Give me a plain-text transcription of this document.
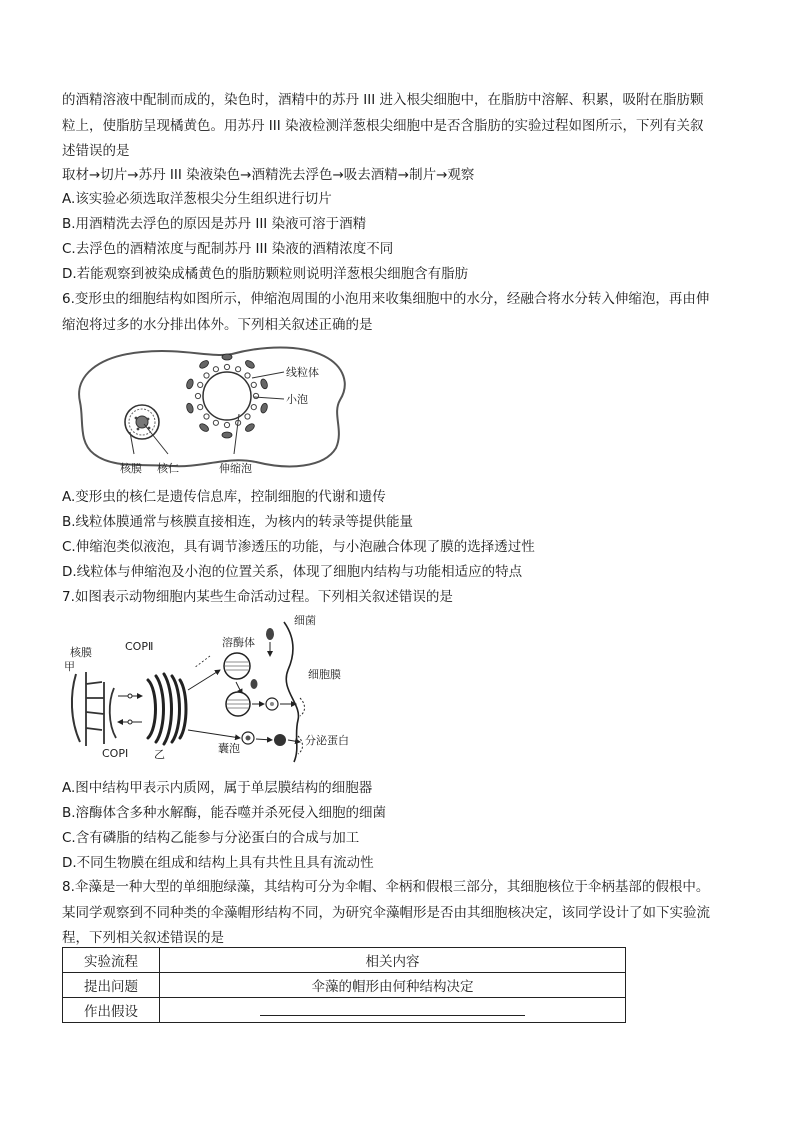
的酒精溶液中配制而成的，染色时，酒精中的苏丹 III 进入根尖细胞中，在脂肪中溶解、积累，吸附在脂肪颗
粒上，使脂肪呈现橘黄色。用苏丹 III 染液检测洋葱根尖细胞中是否含脂肪的实验过程如图所示，下列有关叙
述错误的是
取材→切片→苏丹 III 染液染色→酒精洗去浮色→吸去酒精→制片→观察
A.该实验必须选取洋葱根尖分生组织进行切片
B.用酒精洗去浮色的原因是苏丹 III 染液可溶于酒精
C.去浮色的酒精浓度与配制苏丹 III 染液的酒精浓度不同
D.若能观察到被染成橘黄色的脂肪颗粒则说明洋葱根尖细胞含有脂肪
6.变形虫的细胞结构如图所示，伸缩泡周围的小泡用来收集细胞中的水分，经融合将水分转入伸缩泡，再由伸
缩泡将过多的水分排出体外。下列相关叙述正确的是
线粒体
小泡
核膜 核仁	伸缩泡
A.变形虫的核仁是遗传信息库，控制细胞的代谢和遗传
B.线粒体膜通常与核膜直接相连，为核内的转录等提供能量
C.伸缩泡类似液泡，具有调节渗透压的功能，与小泡融合体现了膜的选择透过性
D.线粒体与伸缩泡及小泡的位置关系，体现了细胞内结构与功能相适应的特点
7.如图表示动物细胞内某些生命活动过程。下列相关叙述错误的是
核膜
甲
COPⅡ
COPⅠ 乙
溶酶体
细菌
细胞膜
囊泡
分泌蛋白
A.图中结构甲表示内质网，属于单层膜结构的细胞器
B.溶酶体含多种水解酶，能吞噬并杀死侵入细胞的细菌
C.含有磷脂的结构乙能参与分泌蛋白的合成与加工
D.不同生物膜在组成和结构上具有共性且具有流动性
8.伞藻是一种大型的单细胞绿藻，其结构可分为伞帽、伞柄和假根三部分，其细胞核位于伞柄基部的假根中。
某同学观察到不同种类的伞藻帽形结构不同，为研究伞藻帽形是否由其细胞核决定，该同学设计了如下实验流
程，下列相关叙述错误的是
实验流程	相关内容
提出问题	伞藻的帽形由何种结构决定
作出假设	
